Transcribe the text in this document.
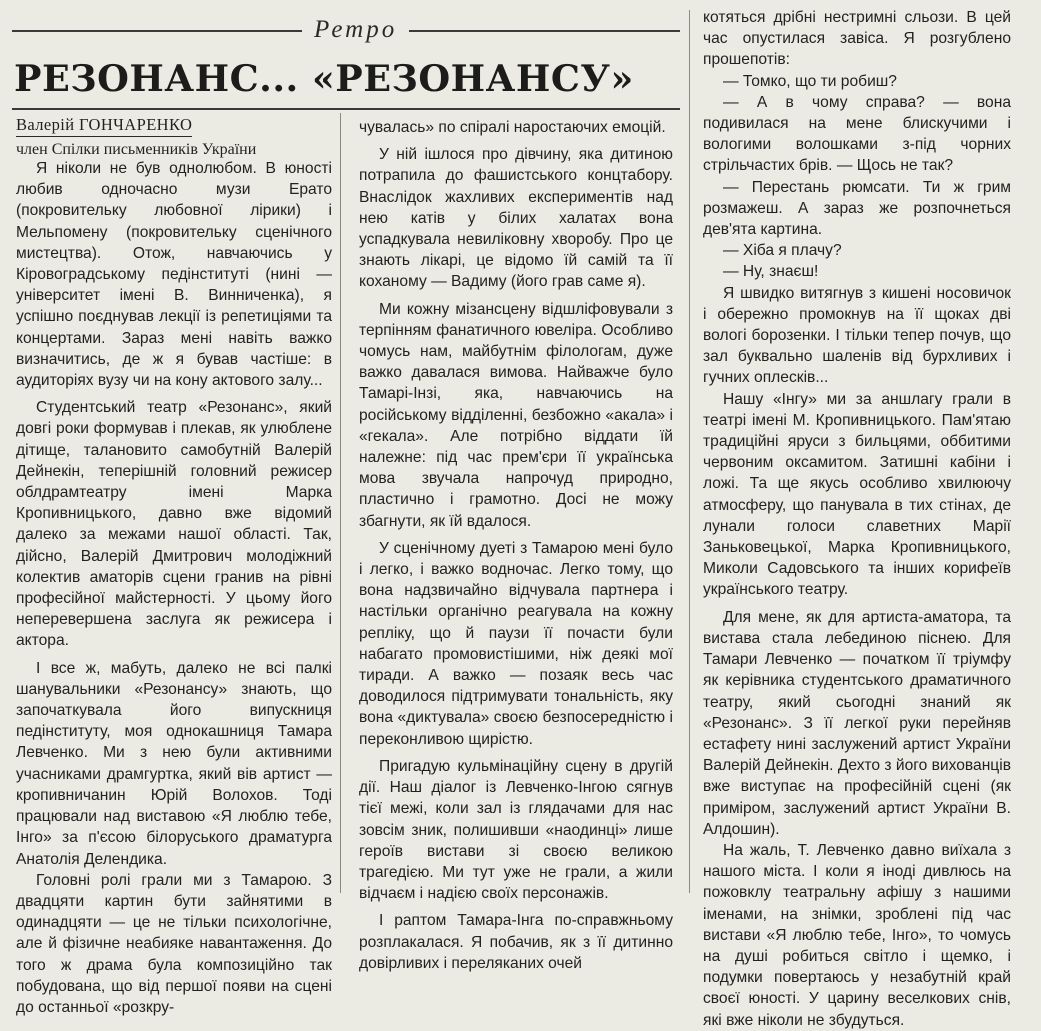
Ретро
РЕЗОНАНС... «РЕЗОНАНСУ»
Валерій ГОНЧАРЕНКО
член Спілки письменників України

Я ніколи не був однолюбом. В юності любив одночасно музи Ерато (покровительку любовної лірики) і Мельпомену (покровительку сценічного мистецтва). Отож, навчаючись у Кіровоградському педінституті (нині — університет імені В. Винниченка), я успішно поєднував лекції із репетиціями та концертами. Зараз мені навіть важко визначитись, де ж я бував частіше: в аудиторіях вузу чи на кону актового залу...

Студентський театр «Резонанс», який довгі роки формував і плекав, як улюблене дітище, талановито самобутній Валерій Дейнекін, теперішній головний режисер облдрамтеатру імені Марка Кропивницького, давно вже відомий далеко за межами нашої області. Так, дійсно, Валерій Дмитрович молодіжний колектив аматорів сцени гранив на рівні професійної майстерності. У цьому його неперевершена заслуга як режисера і актора.

І все ж, мабуть, далеко не всі палкі шанувальники «Резонансу» знають, що започаткувала його випускниця педінституту, моя однокашниця Тамара Левченко. Ми з нею були активними учасниками драмгуртка, який вів артист — кропивничанин Юрій Волохов. Тоді працювали над виставою «Я люблю тебе, Інго» за п'єсою білоруського драматурга Анатолія Делендика.

Головні ролі грали ми з Тамарою. З двадцяти картин бути зайнятими в одинадцяти — це не тільки психологічне, але й фізичне неабияке навантаження. До того ж драма була композиційно так побудована, що від першої появи на сцені до останньої «розкру-

чувалась» по спіралі наростаючих емоцій.

У ній ішлося про дівчину, яка дитиною потрапила до фашистського концтабору. Внаслідок жахливих експериментів над нею катів у білих халатах вона успадкувала невиліковну хворобу. Про це знають лікарі, це відомо їй самій та її коханому — Вадиму (його грав саме я).

Ми кожну мізансцену відшліфовували з терпінням фанатичного ювеліра. Особливо чомусь нам, майбутнім філологам, дуже важко давалася вимова. Найважче було Тамарі-Інзі, яка, навчаючись на російському відділенні, безбожно «акала» і «гекала». Але потрібно віддати їй належне: під час прем'єри її українська мова звучала напрочуд природно, пластично і грамотно. Досі не можу збагнути, як їй вдалося.

У сценічному дуеті з Тамарою мені було і легко, і важко водночас. Легко тому, що вона надзвичайно відчувала партнера і настільки органічно реагувала на кожну репліку, що й паузи її почасти були набагато промовистішими, ніж деякі мої тиради. А важко — позаяк весь час доводилося підтримувати тональність, яку вона «диктувала» своєю безпосередністю і переконливою щирістю.

Пригадую кульмінаційну сцену в другій дії. Наш діалог із Левченко-Інгою сягнув тієї межі, коли зал із глядачами для нас зовсім зник, полишивши «наодинці» лише героїв вистави зі своєю великою трагедією. Ми тут уже не грали, а жили відчаєм і надією своїх персонажів.

І раптом Тамара-Інга по-справжньому розплакалася. Я побачив, як з її дитинно довірливих і переляканих очей

котяться дрібні нестримні сльози. В цей час опустилася завіса. Я розгублено прошепотів:

— Томко, що ти робиш?

— А в чому справа? — вона подивилася на мене блискучими і вологими волошками з-під чорних стрільчастих брів. — Щось не так?

— Перестань рюмсати. Ти ж грим розмажеш. А зараз же розпочнеться дев'ята картина.

— Хіба я плачу?

— Ну, знаєш!

Я швидко витягнув з кишені носовичок і обережно промокнув на її щоках дві вологі борозенки. І тільки тепер почув, що зал буквально шаленів від бурхливих і гучних оплесків...

Нашу «Інгу» ми за аншлагу грали в театрі імені М. Кропивницького. Пам'ятаю традиційні яруси з бильцями, оббитими червоним оксамитом. Затишні кабіни і ложі. Та ще якусь особливо хвилюючу атмосферу, що панувала в тих стінах, де лунали голоси славетних Марії Заньковецької, Марка Кропивницького, Миколи Садовського та інших корифеїв українського театру.

Для мене, як для артиста-аматора, та вистава стала лебединою піснею. Для Тамари Левченко — початком її тріумфу як керівника студентського драматичного театру, який сьогодні знаний як «Резонанс». З її легкої руки перейняв естафету нині заслужений артист України Валерій Дейнекін. Дехто з його вихованців вже виступає на професійній сцені (як приміром, заслужений артист України В. Алдошин).

На жаль, Т. Левченко давно виїхала з нашого міста. І коли я іноді дивлюсь на пожовклу театральну афішу з нашими іменами, на знімки, зроблені під час вистави «Я люблю тебе, Інго», то чомусь на душі робиться світло і щемко, і подумки повертаюсь у незабутній край своєї юності. У царину веселкових снів, які вже ніколи не збудуться.
